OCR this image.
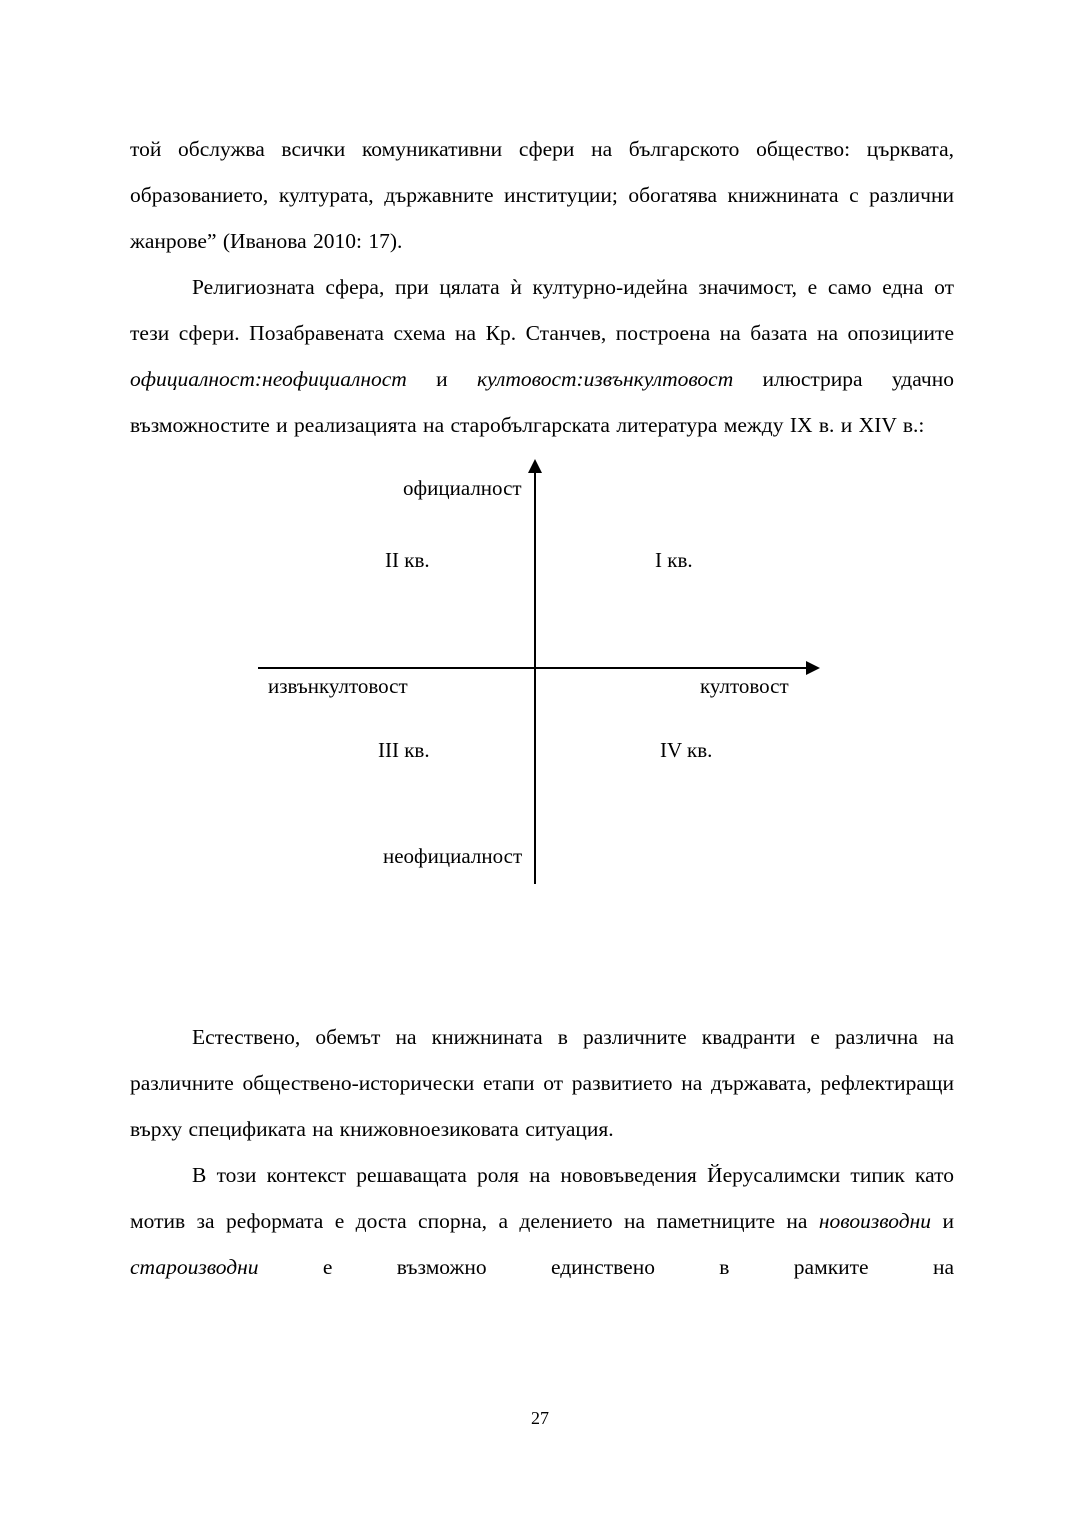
той обслужва всички комуникативни сфери на българското общество: църквата, образованието, културата, държавните институции; обогатява книжнината с различни жанрове” (Иванова 2010: 17).

Религиозната сфера, при цялата ѝ културно-идейна значимост, е само една от тези сфери. Позабравената схема на Кр. Станчев, построена на базата на опозициите официалност:неофициалност и култовост:извънкултовост илюстрира удачно възможностите и реализацията на старобългарската литература между IX в. и XIV в.:

официалност
II кв.	I кв.
извънкултовост	култовост
III кв.	IV кв.
неофициалност

Естествено, обемът на книжнината в различните квадранти е различна на различните обществено-исторически етапи от развитието на държавата, рефлектиращи върху спецификата на книжовноезиковата ситуация.

В този контекст решаващата роля на нововъведения Йерусалимски типик като мотив за реформата е доста спорна, а делението на паметниците на новоизводни и староизводни е възможно единствено в рамките на

27
